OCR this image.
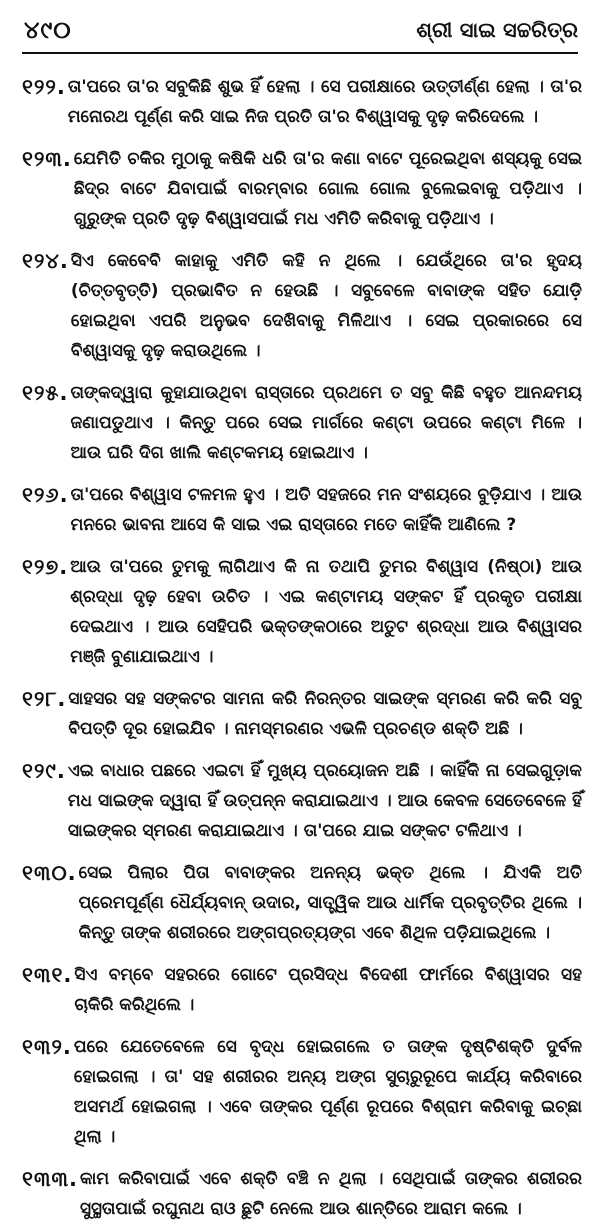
୪୯୦	ଶ୍ରୀ ସାଇ ସଚ୍ଚରିତ୍ର
୧୨୨. ତା'ପରେ ତା'ର ସବୁକିଛି ଶୁଭ ହିଁ ହେଲା । ସେ ପରୀକ୍ଷାରେ ଉତ୍ତୀର୍ଣ୍ଣ ହେଲା । ତା'ର ମନୋରଥ ପୂର୍ଣ୍ଣ କରି ସାଇ ନିଜ ପ୍ରତି ତା'ର ବିଶ୍ୱାସକୁ ଦୃଢ଼ କରିଦେଲେ ।
୧୨୩. ଯେମିତି ଚକିର ମୁଠାକୁ କଷିକି ଧରି ତା'ର କଣା ବାଟେ ପୂରେଇଥିବା ଶସ୍ୟକୁ ସେଇ ଛିଦ୍ର ବାଟେ ଯିବାପାଇଁ ବାରମ୍ବାର ଗୋଲ ଗୋଲ ବୁଲେଇବାକୁ ପଡ଼ିଥାଏ । ଗୁରୁଙ୍କ ପ୍ରତି ଦୃଢ଼ ବିଶ୍ୱାସପାଇଁ ମଧ ଏମିତି କରିବାକୁ ପଡ଼ିଥାଏ ।
୧୨୪. ସିଏ କେବେବି କାହାକୁ ଏମିତି କହି ନ ଥିଲେ । ଯେଉଁଥିରେ ତା'ର ହୃଦୟ (ଚିତ୍ତବୃତ୍ତି) ପ୍ରଭାବିତ ନ ହେଉଛି । ସବୁବେଳେ ବାବାଙ୍କ ସହିତ ଯୋଡ଼ି ହୋଇଥିବା ଏପରି ଅନୁଭବ ଦେଖିବାକୁ ମିଳିଥାଏ । ସେଇ ପ୍ରକାରରେ ସେ ବିଶ୍ୱାସକୁ ଦୃଢ଼ କରାଉଥିଲେ ।
୧୨୫. ତାଙ୍କଦ୍ୱାରା କୁହାଯାଉଥିବା ରାସ୍ତାରେ ପ୍ରଥମେ ତ ସବୁ କିଛି ବହୁତ ଆନନ୍ଦମୟ ଜଣାପଡୁଥାଏ । କିନ୍ତୁ ପରେ ସେଇ ମାର୍ଗରେ କଣ୍ଟା ଉପରେ କଣ୍ଟା ମିଳେ । ଆଉ ଘରି ଦିଗ ଖାଲି କଣ୍ଟକମୟ ହୋଇଥାଏ ।
୧୨୬. ତା'ପରେ ବିଶ୍ୱାସ ଟଳମଳ ହୁଏ । ଅତି ସହଜରେ ମନ ସଂଶୟରେ ବୁଡ଼ିଯାଏ । ଆଉ ମନରେ ଭାବନା ଆସେ କି ସାଇ ଏଇ ରାସ୍ତାରେ ମତେ କାହିଁକି ଆଣିଲେ ?
୧୨୭. ଆଉ ତା'ପରେ ତୁମକୁ ଲାଗିଥାଏ କି ନା ତଥାପି ତୁମର ବିଶ୍ୱାସ (ନିଷ୍ଠା) ଆଉ ଶ୍ରଦ୍ଧା ଦୃଢ଼ ହେବା ଉଚିତ । ଏଇ କଣ୍ଟାମୟ ସଙ୍କଟ ହିଁ ପ୍ରକୃତ ପରୀକ୍ଷା ଦେଇଥାଏ । ଆଉ ସେହିପରି ଭକ୍ତଙ୍କଠାରେ ଅତୁଟ ଶ୍ରଦ୍ଧା ଆଉ ବିଶ୍ୱାସର ମଞ୍ଜି ବୁଣାଯାଇଥାଏ ।
୧୨୮. ସାହସର ସହ ସଙ୍କଟର ସାମନା କରି ନିରନ୍ତର ସାଇଙ୍କ ସ୍ମରଣ କରି କରି ସବୁ ବିପତ୍ତି ଦୂର ହୋଇଯିବ । ନାମସ୍ମରଣର ଏଭଳି ପ୍ରଚଣ୍ଡ ଶକ୍ତି ଅଛି ।
୧୨୯. ଏଇ ବାଧାର ପଛରେ ଏଇଟା ହିଁ ମୁଖ୍ୟ ପ୍ରୟୋଜନ ଅଛି । କାହିଁକି ନା ସେଇଗୁଡ଼ାକ ମଧ ସାଇଙ୍କ ଦ୍ୱାରା ହିଁ ଉତ୍ପନ୍ନ କରାଯାଇଥାଏ । ଆଉ କେବଳ ସେତେବେଳେ ହିଁ ସାଇଙ୍କର ସ୍ମରଣ କରାଯାଇଥାଏ । ତା'ପରେ ଯାଇ ସଙ୍କଟ ଟଳିଥାଏ ।
୧୩୦. ସେଇ ପିଲାର ପିତା ବାବାଙ୍କର ଅନନ୍ୟ ଭକ୍ତ ଥିଲେ । ଯିଏକି ଅତି ପ୍ରେମପୂର୍ଣ୍ଣ ଧୈର୍ଯ୍ୟବାନ୍ ଉଦାର, ସାତ୍ତ୍ୱିକ ଆଉ ଧାର୍ମିକ ପ୍ରବୃତ୍ତିର ଥିଲେ । କିନ୍ତୁ ତାଙ୍କ ଶରୀରରେ ଅଙ୍ଗପ୍ରତ୍ୟଙ୍ଗ ଏବେ ଶିଥିଳ ପଡ଼ିଯାଇଥିଲେ ।
୧୩୧. ସିଏ ବମ୍ବେ ସହରରେ ଗୋଟେ ପ୍ରସିଦ୍ଧ ବିଦେଶୀ ଫାର୍ମରେ ବିଶ୍ୱାସର ସହ ଚାକିରି କରିଥିଲେ ।
୧୩୨. ପରେ ଯେତେବେଳେ ସେ ବୃଦ୍ଧ ହୋଇଗଲେ ତ ତାଙ୍କ ଦୃଷ୍ଟିଶକ୍ତି ଦୁର୍ବଳ ହୋଇଗଲା । ତା' ସହ ଶରୀରର ଅନ୍ୟ ଅଙ୍ଗ ସୁଚାରୁରୂପେ କାର୍ଯ୍ୟ କରିବାରେ ଅସମର୍ଥ ହୋଇଗଲା । ଏବେ ତାଙ୍କର ପୂର୍ଣ୍ଣ ରୂପରେ ବିଶ୍ରାମ କରିବାକୁ ଇଚ୍ଛା ଥିଲା ।
୧୩୩. କାମ କରିବାପାଇଁ ଏବେ ଶକ୍ତି ବଞ୍ଚି ନ ଥିଲା । ସେଥିପାଇଁ ତାଙ୍କର ଶରୀରର ସୁସ୍ଥତାପାଇଁ ରଘୁନାଥ ରାଓ ଛୁଟି ନେଲେ ଆଉ ଶାନ୍ତିରେ ଆରାମ କଲେ ।
